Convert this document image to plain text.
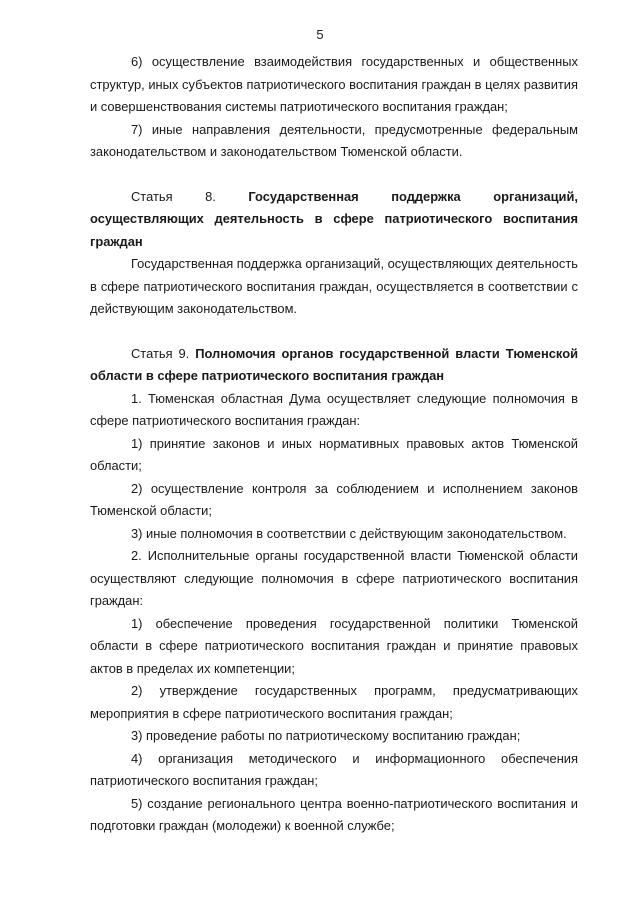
5

6) осуществление взаимодействия государственных и общественных структур, иных субъектов патриотического воспитания граждан в целях развития и совершенствования системы патриотического воспитания граждан;

7) иные направления деятельности, предусмотренные федеральным законодательством и законодательством Тюменской области.

Статья 8.	Государственная поддержка организаций, осуществляющих деятельность в сфере патриотического воспитания граждан

Государственная поддержка организаций, осуществляющих деятельность в сфере патриотического воспитания граждан, осуществляется в соответствии с действующим законодательством.

Статья 9. Полномочия органов государственной власти Тюменской области в сфере патриотического воспитания граждан

1. Тюменская областная Дума осуществляет следующие полномочия в сфере патриотического воспитания граждан:

1) принятие законов и иных нормативных правовых актов Тюменской области;

2) осуществление контроля за соблюдением и исполнением законов Тюменской области;

3) иные полномочия в соответствии с действующим законодательством.

2. Исполнительные органы государственной власти Тюменской области осуществляют следующие полномочия в сфере патриотического воспитания граждан:

1) обеспечение проведения государственной политики Тюменской области в сфере патриотического воспитания граждан и принятие правовых актов в пределах их компетенции;

2) утверждение государственных программ, предусматривающих мероприятия в сфере патриотического воспитания граждан;

3) проведение работы по патриотическому воспитанию граждан;

4) организация методического и информационного обеспечения патриотического воспитания граждан;

5) создание регионального центра военно-патриотического воспитания и подготовки граждан (молодежи) к военной службе;
